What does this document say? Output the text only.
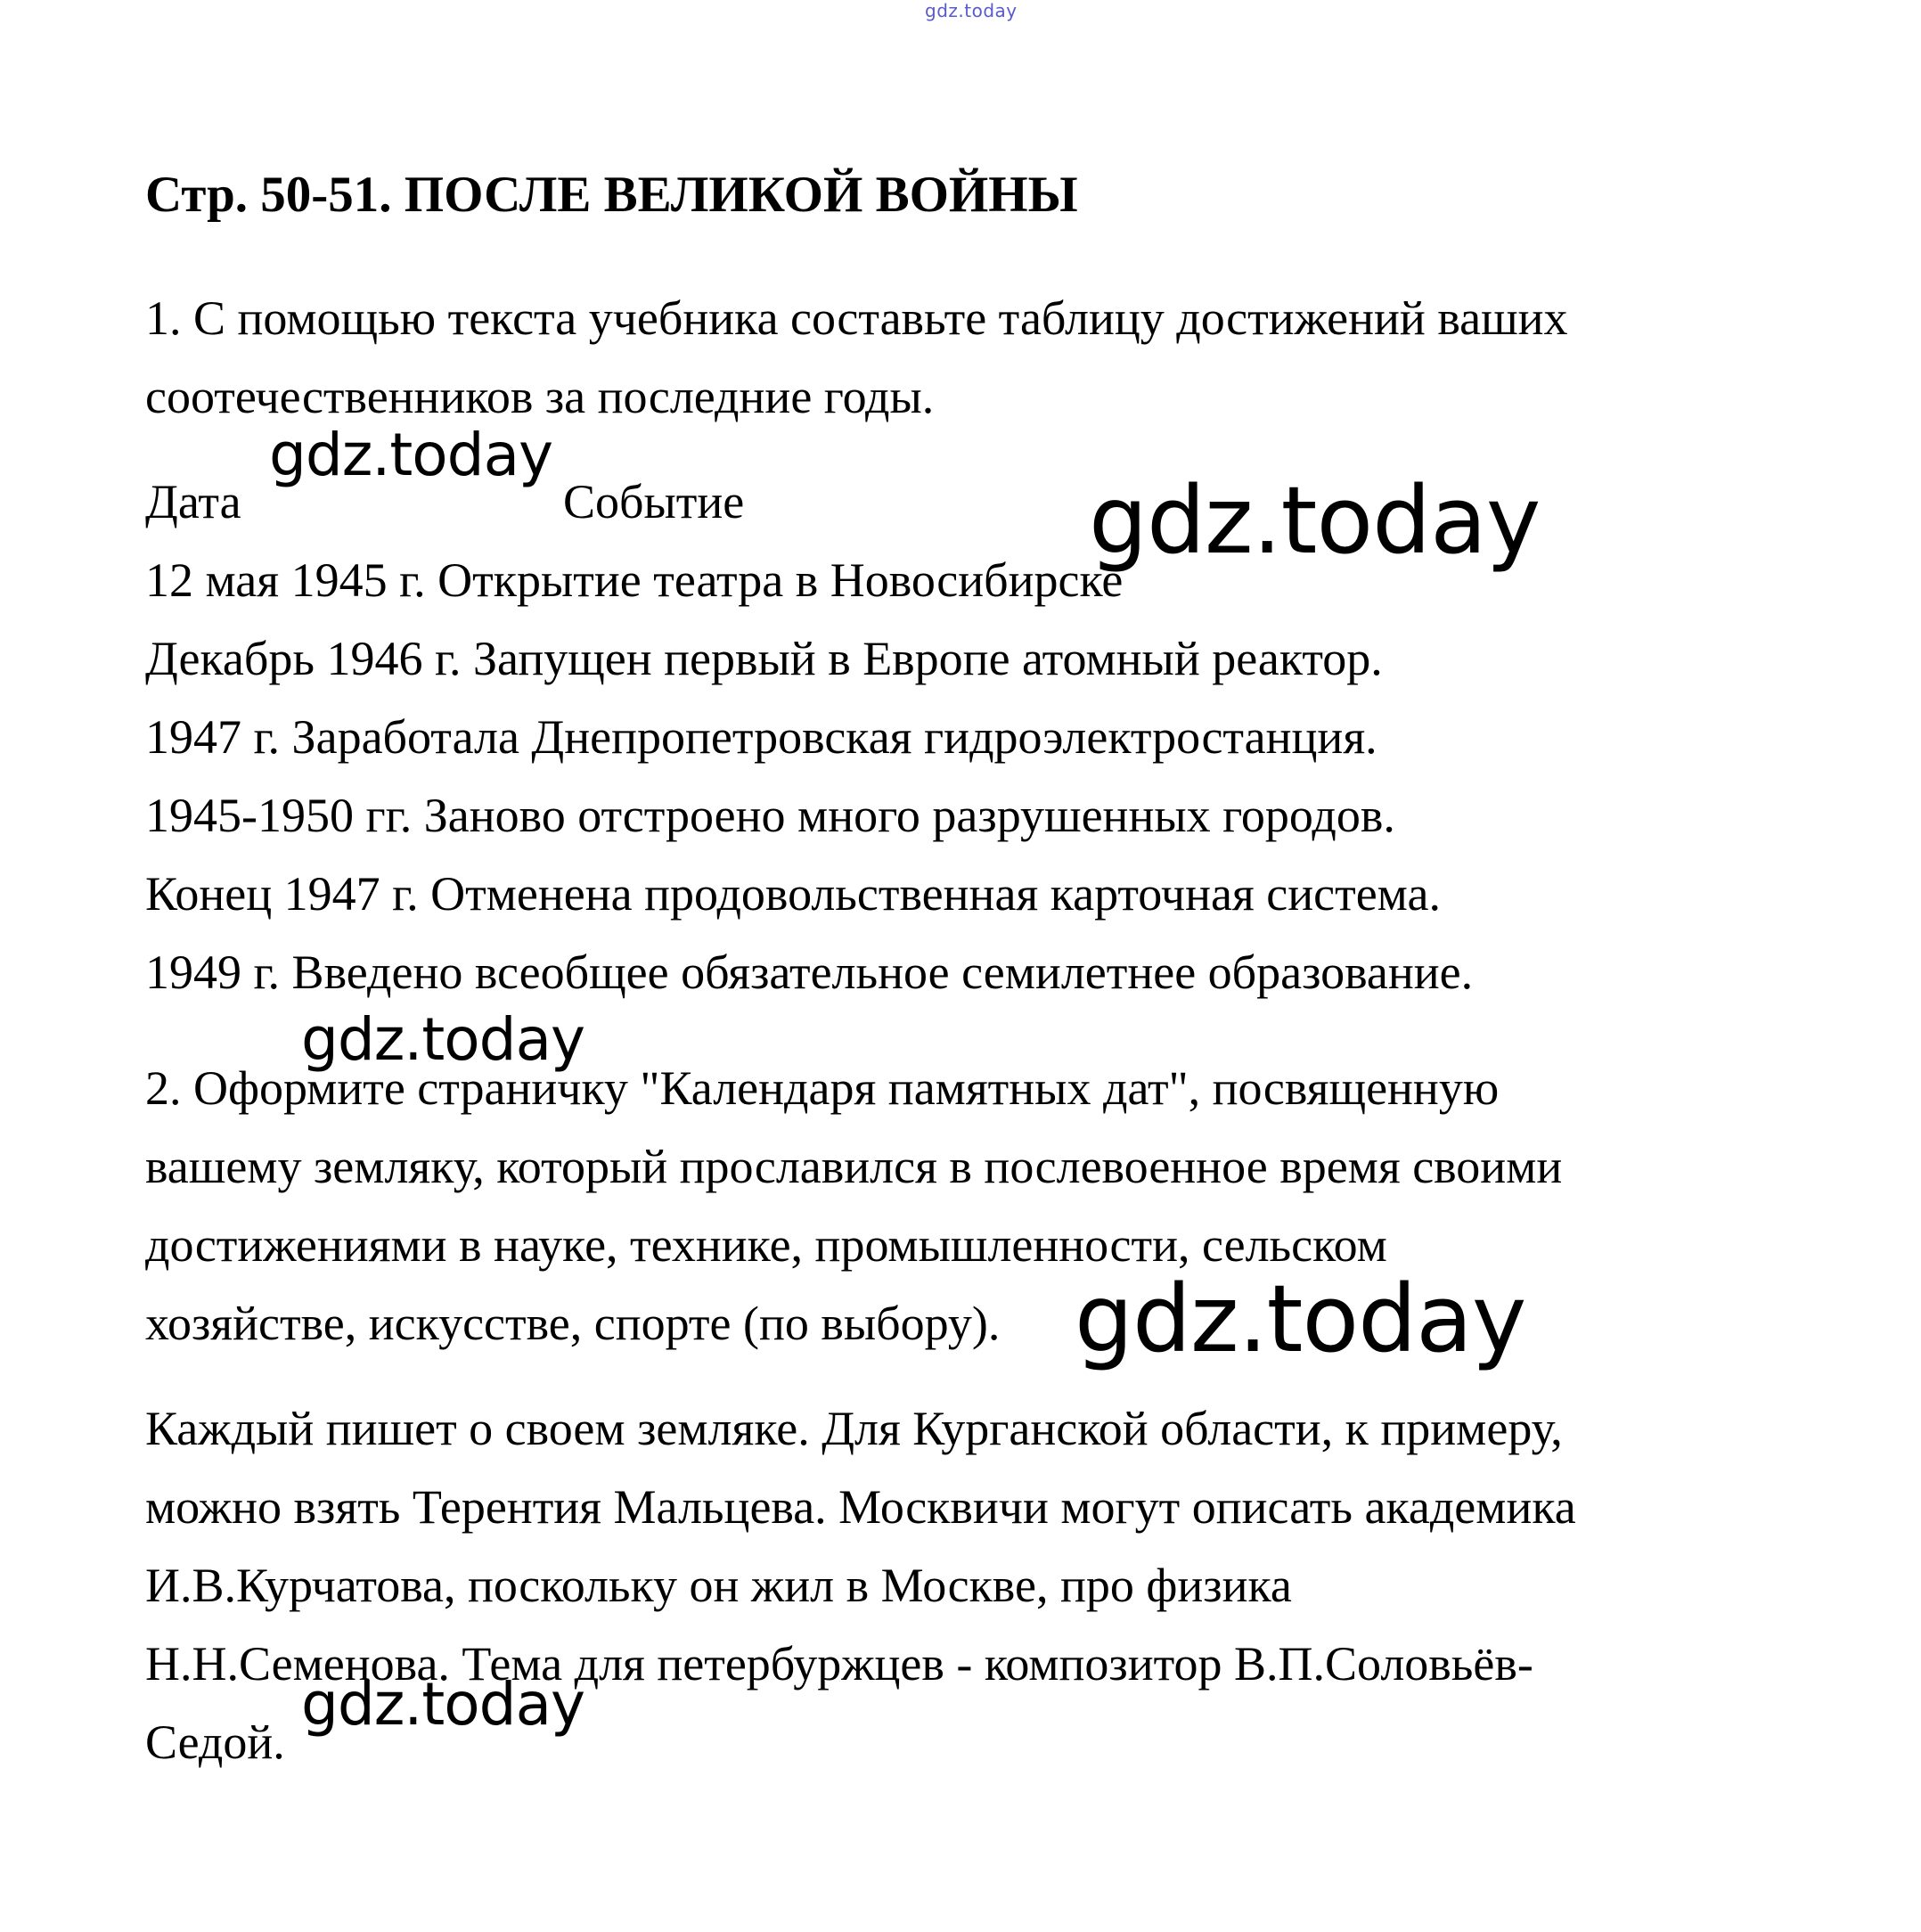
gdz.today
Стр. 50-51. ПОСЛЕ ВЕЛИКОЙ ВОЙНЫ
1. С помощью текста учебника составьте таблицу достижений ваших
соотечественников за последние годы.
Дата	Событие
12 мая 1945 г. Открытие театра в Новосибирске
Декабрь 1946 г. Запущен первый в Европе атомный реактор.
1947 г. Заработала Днепропетровская гидроэлектростанция.
1945-1950 гг. Заново отстроено много разрушенных городов.
Конец 1947 г. Отменена продовольственная карточная система.
1949 г. Введено всеобщее обязательное семилетнее образование.
2. Оформите страничку "Календаря памятных дат", посвященную
вашему земляку, который прославился в послевоенное время своими
достижениями в науке, технике, промышленности, сельском
хозяйстве, искусстве, спорте (по выбору).
Каждый пишет о своем земляке. Для Курганской области, к примеру,
можно взять Терентия Мальцева. Москвичи могут описать академика
И.В.Курчатова, поскольку он жил в Москве, про физика
Н.Н.Семенова. Тема для петербуржцев - композитор В.П.Соловьёв-
Седой.
gdz.today
gdz.today
gdz.today
gdz.today
gdz.today
